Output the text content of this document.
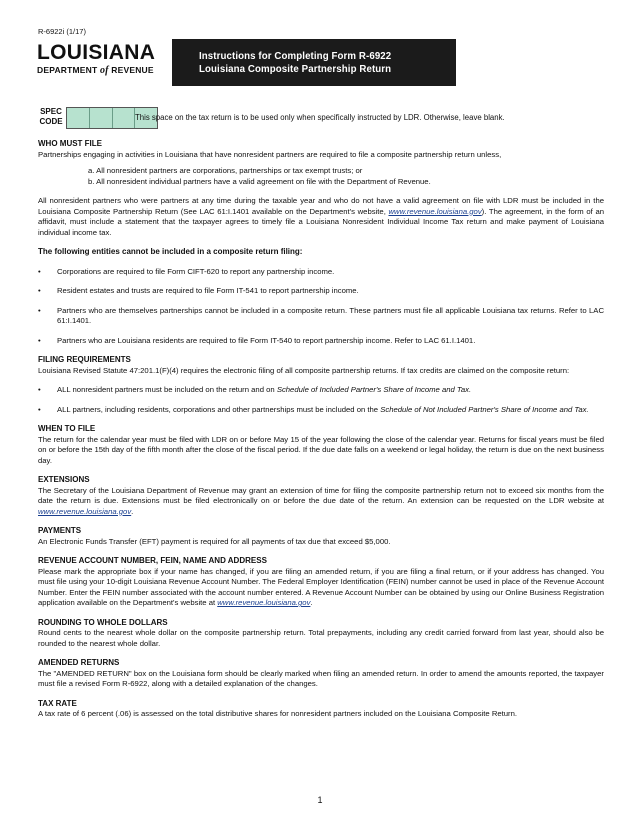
R-6922i (1/17)
LOUISIANA
DEPARTMENT of REVENUE
Instructions for Completing Form R-6922
Louisiana Composite Partnership Return
SPEC
CODE	This space on the tax return is to be used only when specifically instructed by LDR. Otherwise, leave blank.
WHO MUST FILE

Partnerships engaging in activities in Louisiana that have nonresident partners are required to file a composite partnership return unless,

a. All nonresident partners are corporations, partnerships or tax exempt trusts; or

b. All nonresident individual partners have a valid agreement on file with the Department of Revenue.

All nonresident partners who were partners at any time during the taxable year and who do not have a valid agreement on file with LDR must be included in the Louisiana Composite Partnership Return (See LAC 61:I.1401 available on the Department's website, www.revenue.louisiana.gov). The agreement, in the form of an affidavit, must include a statement that the taxpayer agrees to timely file a Louisiana Nonresident Individual Income Tax return and make payment of Louisiana individual income tax.

The following entities cannot be included in a composite return filing:
• Corporations are required to file Form CIFT-620 to report any partnership income.
• Resident estates and trusts are required to file Form IT-541 to report partnership income.
• Partners who are themselves partnerships cannot be included in a composite return. These partners must file all applicable Louisiana tax returns. Refer to LAC 61:I.1401.
• Partners who are Louisiana residents are required to file Form IT-540 to report partnership income. Refer to LAC 61.I.1401.
FILING REQUIREMENTS

Louisiana Revised Statute 47:201.1(F)(4) requires the electronic filing of all composite partnership returns. If tax credits are claimed on the composite return:

• ALL nonresident partners must be included on the return and on Schedule of Included Partner's Share of Income and Tax.
• ALL partners, including residents, corporations and other partnerships must be included on the Schedule of Not Included Partner's Share of Income and Tax.
WHEN TO FILE

The return for the calendar year must be filed with LDR on or before May 15 of the year following the close of the calendar year. Returns for fiscal years must be filed on or before the 15th day of the fifth month after the close of the fiscal period. If the due date falls on a weekend or legal holiday, the return is due on the next business day.

EXTENSIONS

The Secretary of the Louisiana Department of Revenue may grant an extension of time for filing the composite partnership return not to exceed six months from the date the return is due. Extensions must be filed electronically on or before the due date of the return. An extension can be requested on the LDR website at www.revenue.louisiana.gov.

PAYMENTS

An Electronic Funds Transfer (EFT) payment is required for all payments of tax due that exceed $5,000.

REVENUE ACCOUNT NUMBER, FEIN, NAME AND ADDRESS

Please mark the appropriate box if your name has changed, if you are filing an amended return, if you are filing a final return, or if your address has changed. You must file using your 10-digit Louisiana Revenue Account Number. The Federal Employer Identification (FEIN) number cannot be used in place of the Revenue Account Number. Enter the FEIN number associated with the account number entered. A Revenue Account Number can be obtained by using our Online Business Registration application available on the Department's website at www.revenue.louisiana.gov.

ROUNDING TO WHOLE DOLLARS

Round cents to the nearest whole dollar on the composite partnership return. Total prepayments, including any credit carried forward from last year, should also be rounded to the nearest whole dollar.

AMENDED RETURNS

The "AMENDED RETURN" box on the Louisiana form should be clearly marked when filing an amended return. In order to amend the amounts reported, the taxpayer must file a revised Form R-6922, along with a detailed explanation of the changes.

TAX RATE

A tax rate of 6 percent (.06) is assessed on the total distributive shares for nonresident partners included on the Louisiana Composite Return.

1
